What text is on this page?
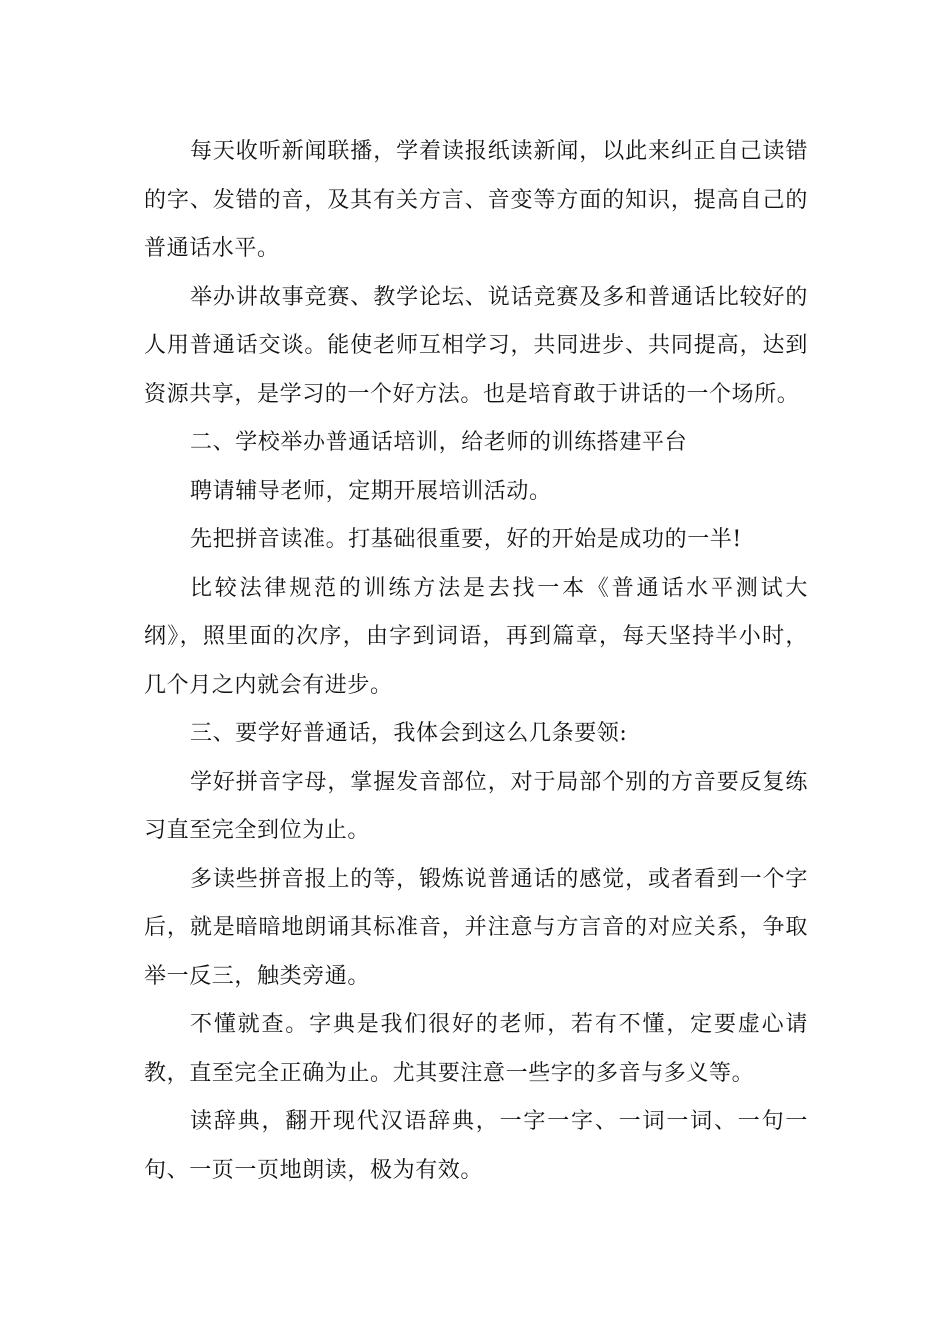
每天收听新闻联播，学着读报纸读新闻，以此来纠正自己读错的字、发错的音，及其有关方言、音变等方面的知识，提高自己的普通话水平。

举办讲故事竞赛、教学论坛、说话竞赛及多和普通话比较好的人用普通话交谈。能使老师互相学习，共同进步、共同提高，达到资源共享，是学习的一个好方法。也是培育敢于讲话的一个场所。

二、学校举办普通话培训，给老师的训练搭建平台

聘请辅导老师，定期开展培训活动。

先把拼音读准。打基础很重要，好的开始是成功的一半!

比较法律规范的训练方法是去找一本《普通话水平测试大纲》，照里面的次序，由字到词语，再到篇章，每天坚持半小时，几个月之内就会有进步。

三、要学好普通话，我体会到这么几条要领:

学好拼音字母，掌握发音部位，对于局部个别的方音要反复练习直至完全到位为止。

多读些拼音报上的等，锻炼说普通话的感觉，或者看到一个字后，就是暗暗地朗诵其标准音，并注意与方言音的对应关系，争取举一反三，触类旁通。

不懂就查。字典是我们很好的老师，若有不懂，定要虚心请教，直至完全正确为止。尤其要注意一些字的多音与多义等。

读辞典，翻开现代汉语辞典，一字一字、一词一词、一句一句、一页一页地朗读，极为有效。
